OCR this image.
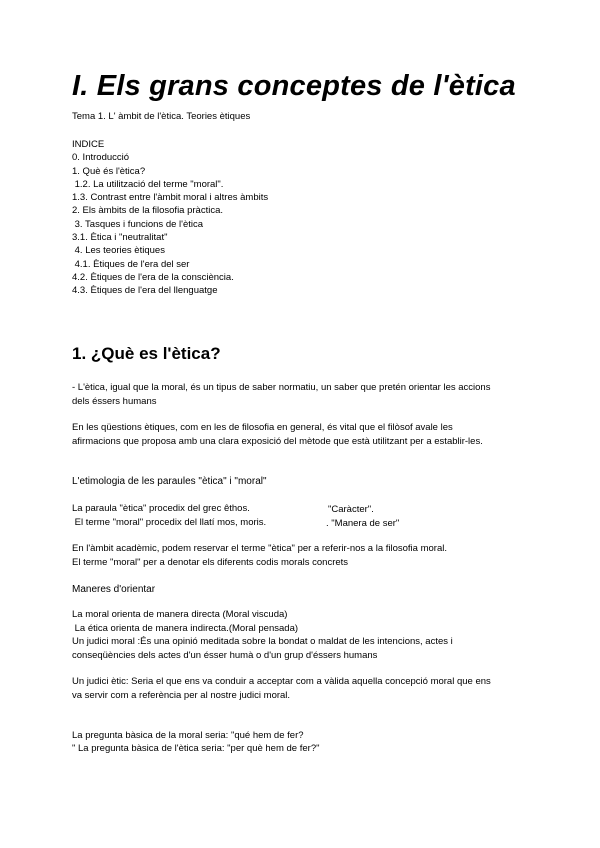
I. Els grans conceptes de l'ètica
Tema 1. L' àmbit de l'ètica. Teories ètiques
INDICE
0. Introducció
1. Què és l'ètica?
1.2. La utilització del terme "moral".
1.3. Contrast entre l'àmbit moral i altres àmbits
2. Els àmbits de la filosofia pràctica.
3. Tasques i funcions de l'ètica
3.1. Ètica i "neutralitat"
4. Les teories ètiques
4.1. Ètiques de l'era del ser
4.2. Ètiques de l'era de la consciència.
4.3. Ètiques de l'era del llenguatge
1. ¿Què es l'ètica?
- L'ètica, igual que la moral, és un tipus de saber normatiu, un saber que pretén orientar les accions
dels éssers humans
En les qüestions ètiques, com en les de filosofia en general, és vital que el filòsof avale les
afirmacions que proposa amb una clara exposició del mètode que està utilitzant per a establir-les.
L'etimologia de les paraules "ètica" i "moral"
La paraula "ètica" procedix del grec êthos.	"Caràcter".
El terme "moral" procedix del llatí mos, moris.	. "Manera de ser"
En l'àmbit acadèmic, podem reservar el terme "ètica" per a referir-nos a la filosofia moral.
El terme "moral" per a denotar els diferents codis morals concrets
Maneres d'orientar
La moral orienta de manera directa (Moral viscuda)
La ética orienta de manera indirecta.(Moral pensada)
Un judici moral :És una opinió meditada sobre la bondat o maldat de les intencions, actes i
conseqüències dels actes d'un ésser humà o d'un grup d'éssers humans
Un judici ètic: Seria el que ens va conduir a acceptar com a vàlida aquella concepció moral que ens
va servir com a referència per al nostre judici moral.
La pregunta bàsica de la moral seria: "qué hem de fer?
" La pregunta bàsica de l'ètica seria: "per què hem de fer?"
